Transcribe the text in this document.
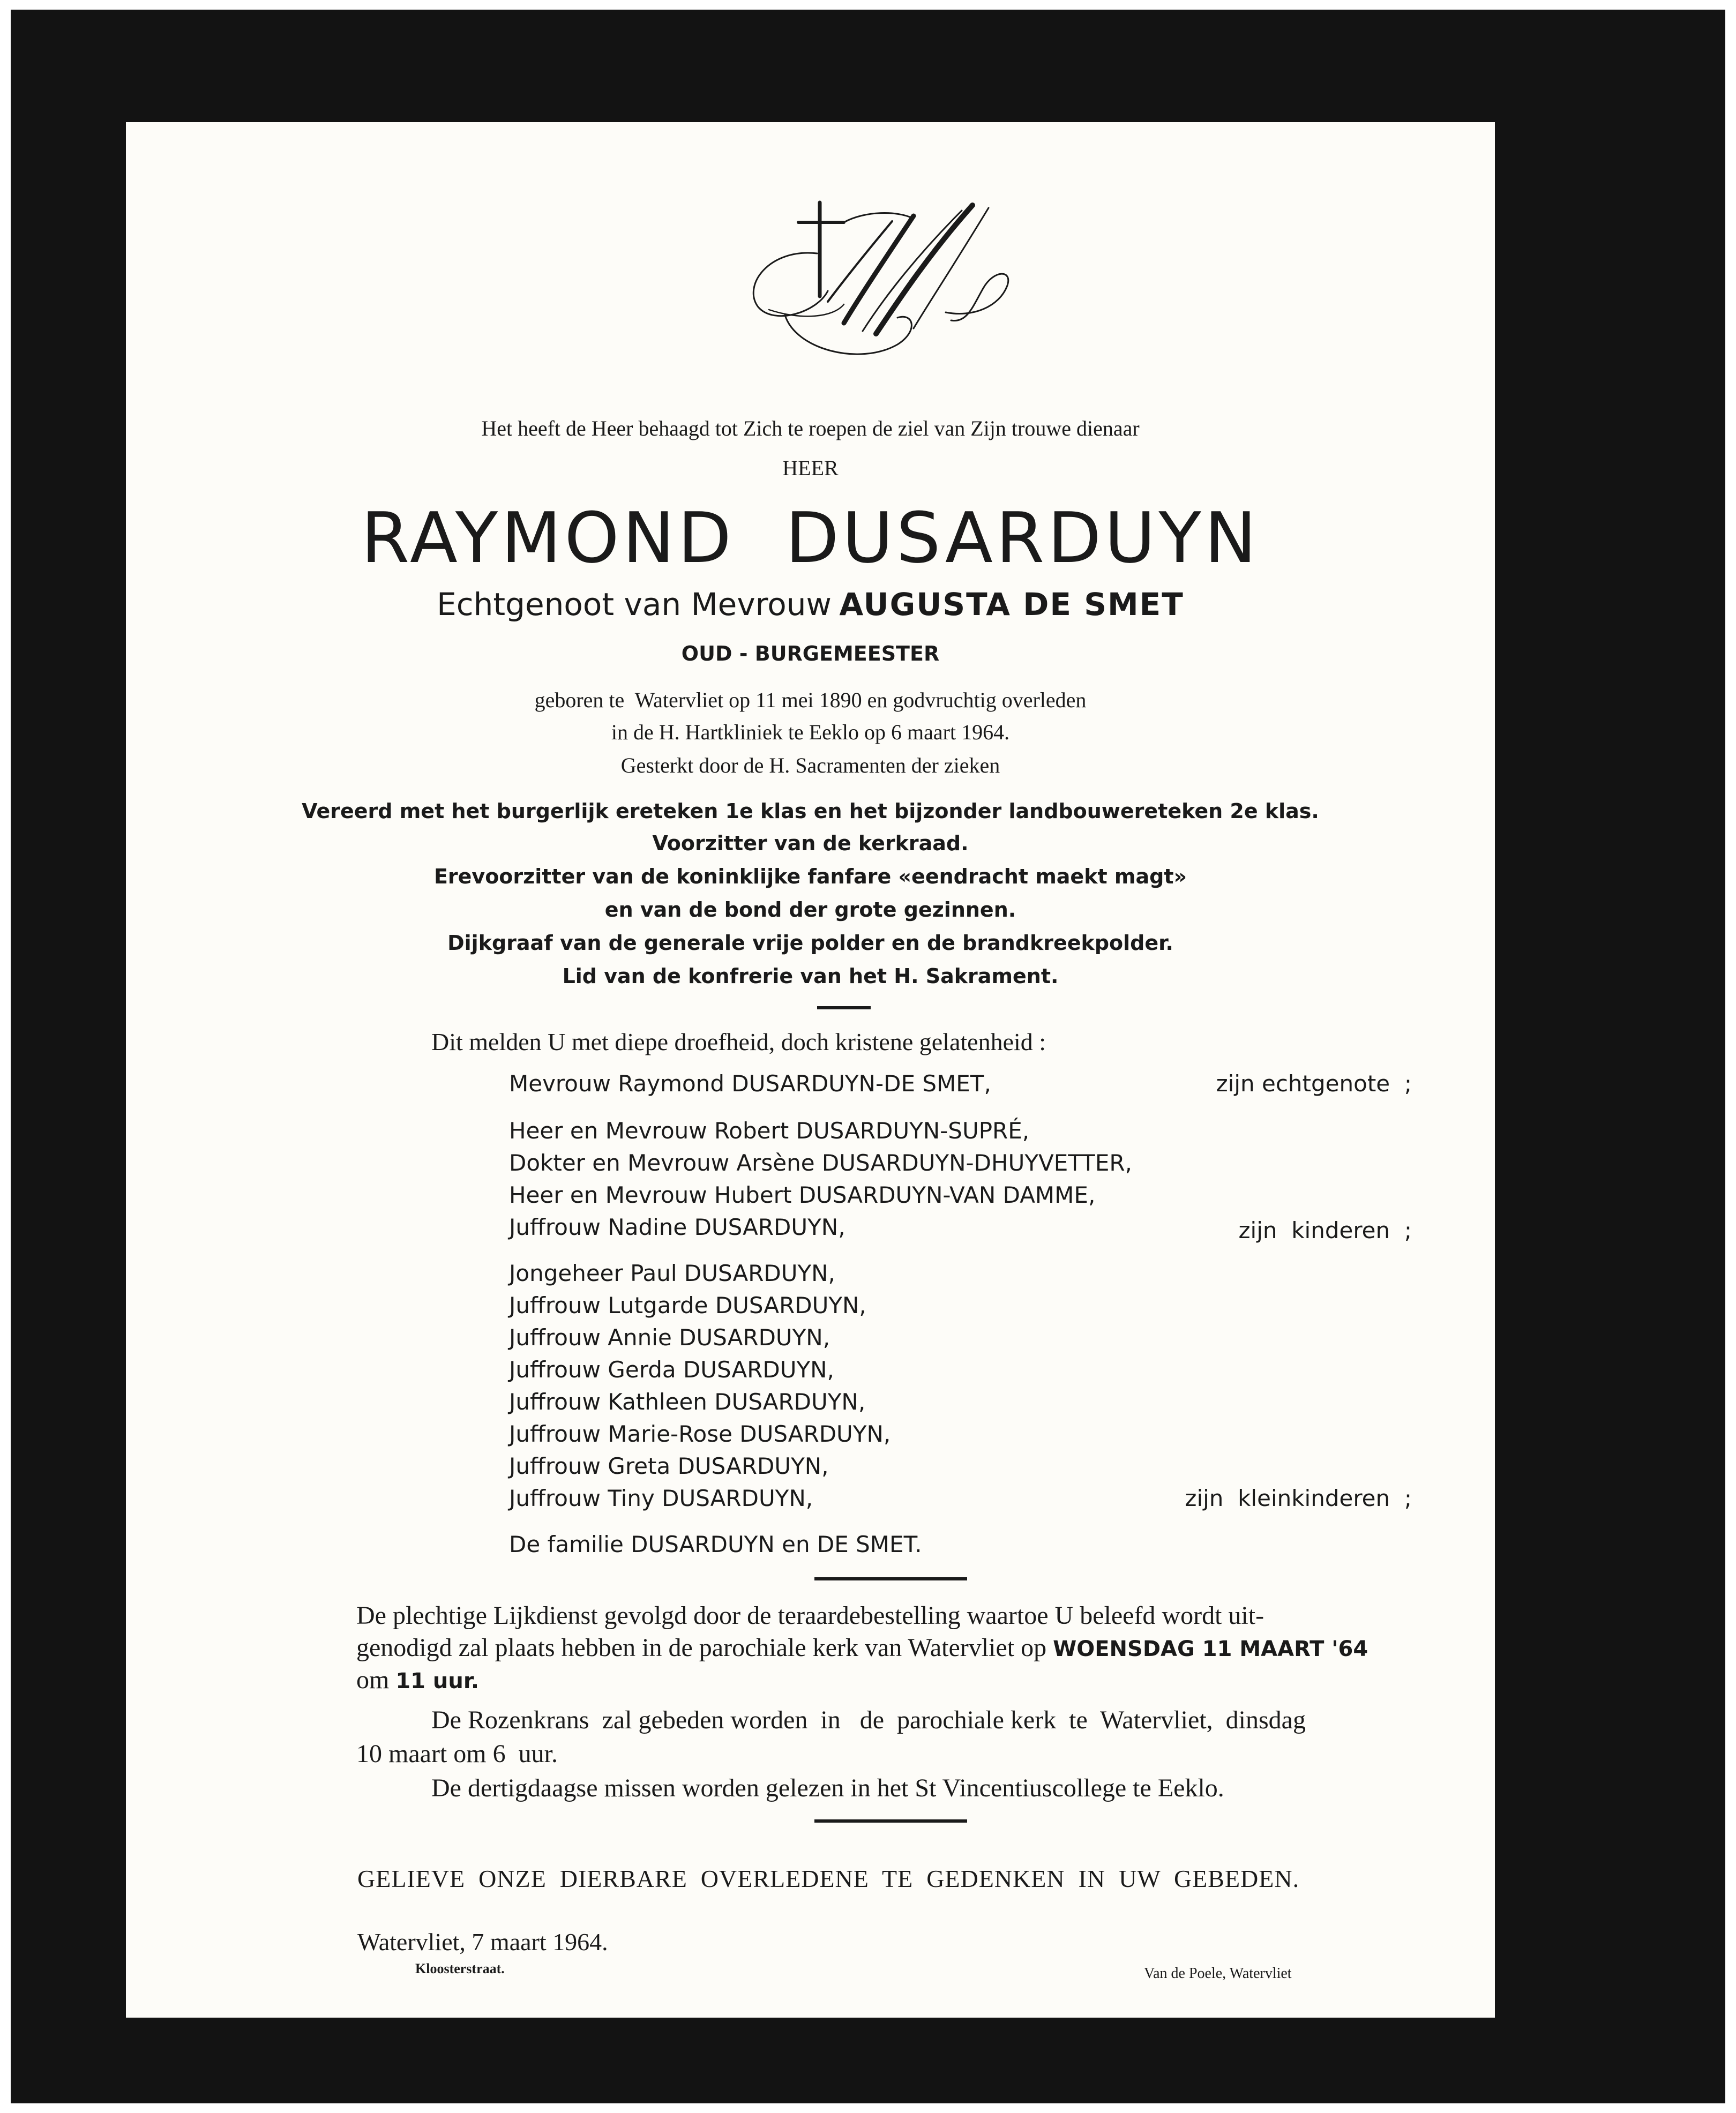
Het heeft de Heer behaagd tot Zich te roepen de ziel van Zijn trouwe dienaar
HEER
RAYMOND  DUSARDUYN
Echtgenoot van Mevrouw AUGUSTA DE SMET
OUD - BURGEMEESTER
geboren te  Watervliet op 11 mei 1890 en godvruchtig overleden
in de H. Hartkliniek te Eeklo op 6 maart 1964.
Gesterkt door de H. Sacramenten der zieken
Vereerd met het burgerlijk ereteken 1e klas en het bijzonder landbouwereteken 2e klas.
Voorzitter van de kerkraad.
Erevoorzitter van de koninklijke fanfare «eendracht maekt magt»
en van de bond der grote gezinnen.
Dijkgraaf van de generale vrije polder en de brandkreekpolder.
Lid van de konfrerie van het H. Sakrament.
Dit melden U met diepe droefheid, doch kristene gelatenheid :
Mevrouw Raymond DUSARDUYN-DE SMET,	zijn echtgenote  ;
Heer en Mevrouw Robert DUSARDUYN-SUPRÉ,
Dokter en Mevrouw Arsène DUSARDUYN-DHUYVETTER,
Heer en Mevrouw Hubert DUSARDUYN-VAN DAMME,
Juffrouw Nadine DUSARDUYN,	zijn  kinderen  ;
Jongeheer Paul DUSARDUYN,
Juffrouw Lutgarde DUSARDUYN,
Juffrouw Annie DUSARDUYN,
Juffrouw Gerda DUSARDUYN,
Juffrouw Kathleen DUSARDUYN,
Juffrouw Marie-Rose DUSARDUYN,
Juffrouw Greta DUSARDUYN,
Juffrouw Tiny DUSARDUYN,	zijn  kleinkinderen  ;
De familie DUSARDUYN en DE SMET.
De plechtige Lijkdienst gevolgd door de teraardebestelling waartoe U beleefd wordt uit-
genodigd zal plaats hebben in de parochiale kerk van Watervliet op WOENSDAG 11 MAART '64
om 11 uur.
De Rozenkrans  zal gebeden worden  in   de  parochiale kerk  te  Watervliet,  dinsdag
10 maart om 6  uur.
De dertigdaagse missen worden gelezen in het St Vincentiuscollege te Eeklo.
GELIEVE  ONZE  DIERBARE  OVERLEDENE  TE  GEDENKEN  IN  UW  GEBEDEN.
Watervliet, 7 maart 1964.
Kloosterstraat.	Van de Poele, Watervliet
